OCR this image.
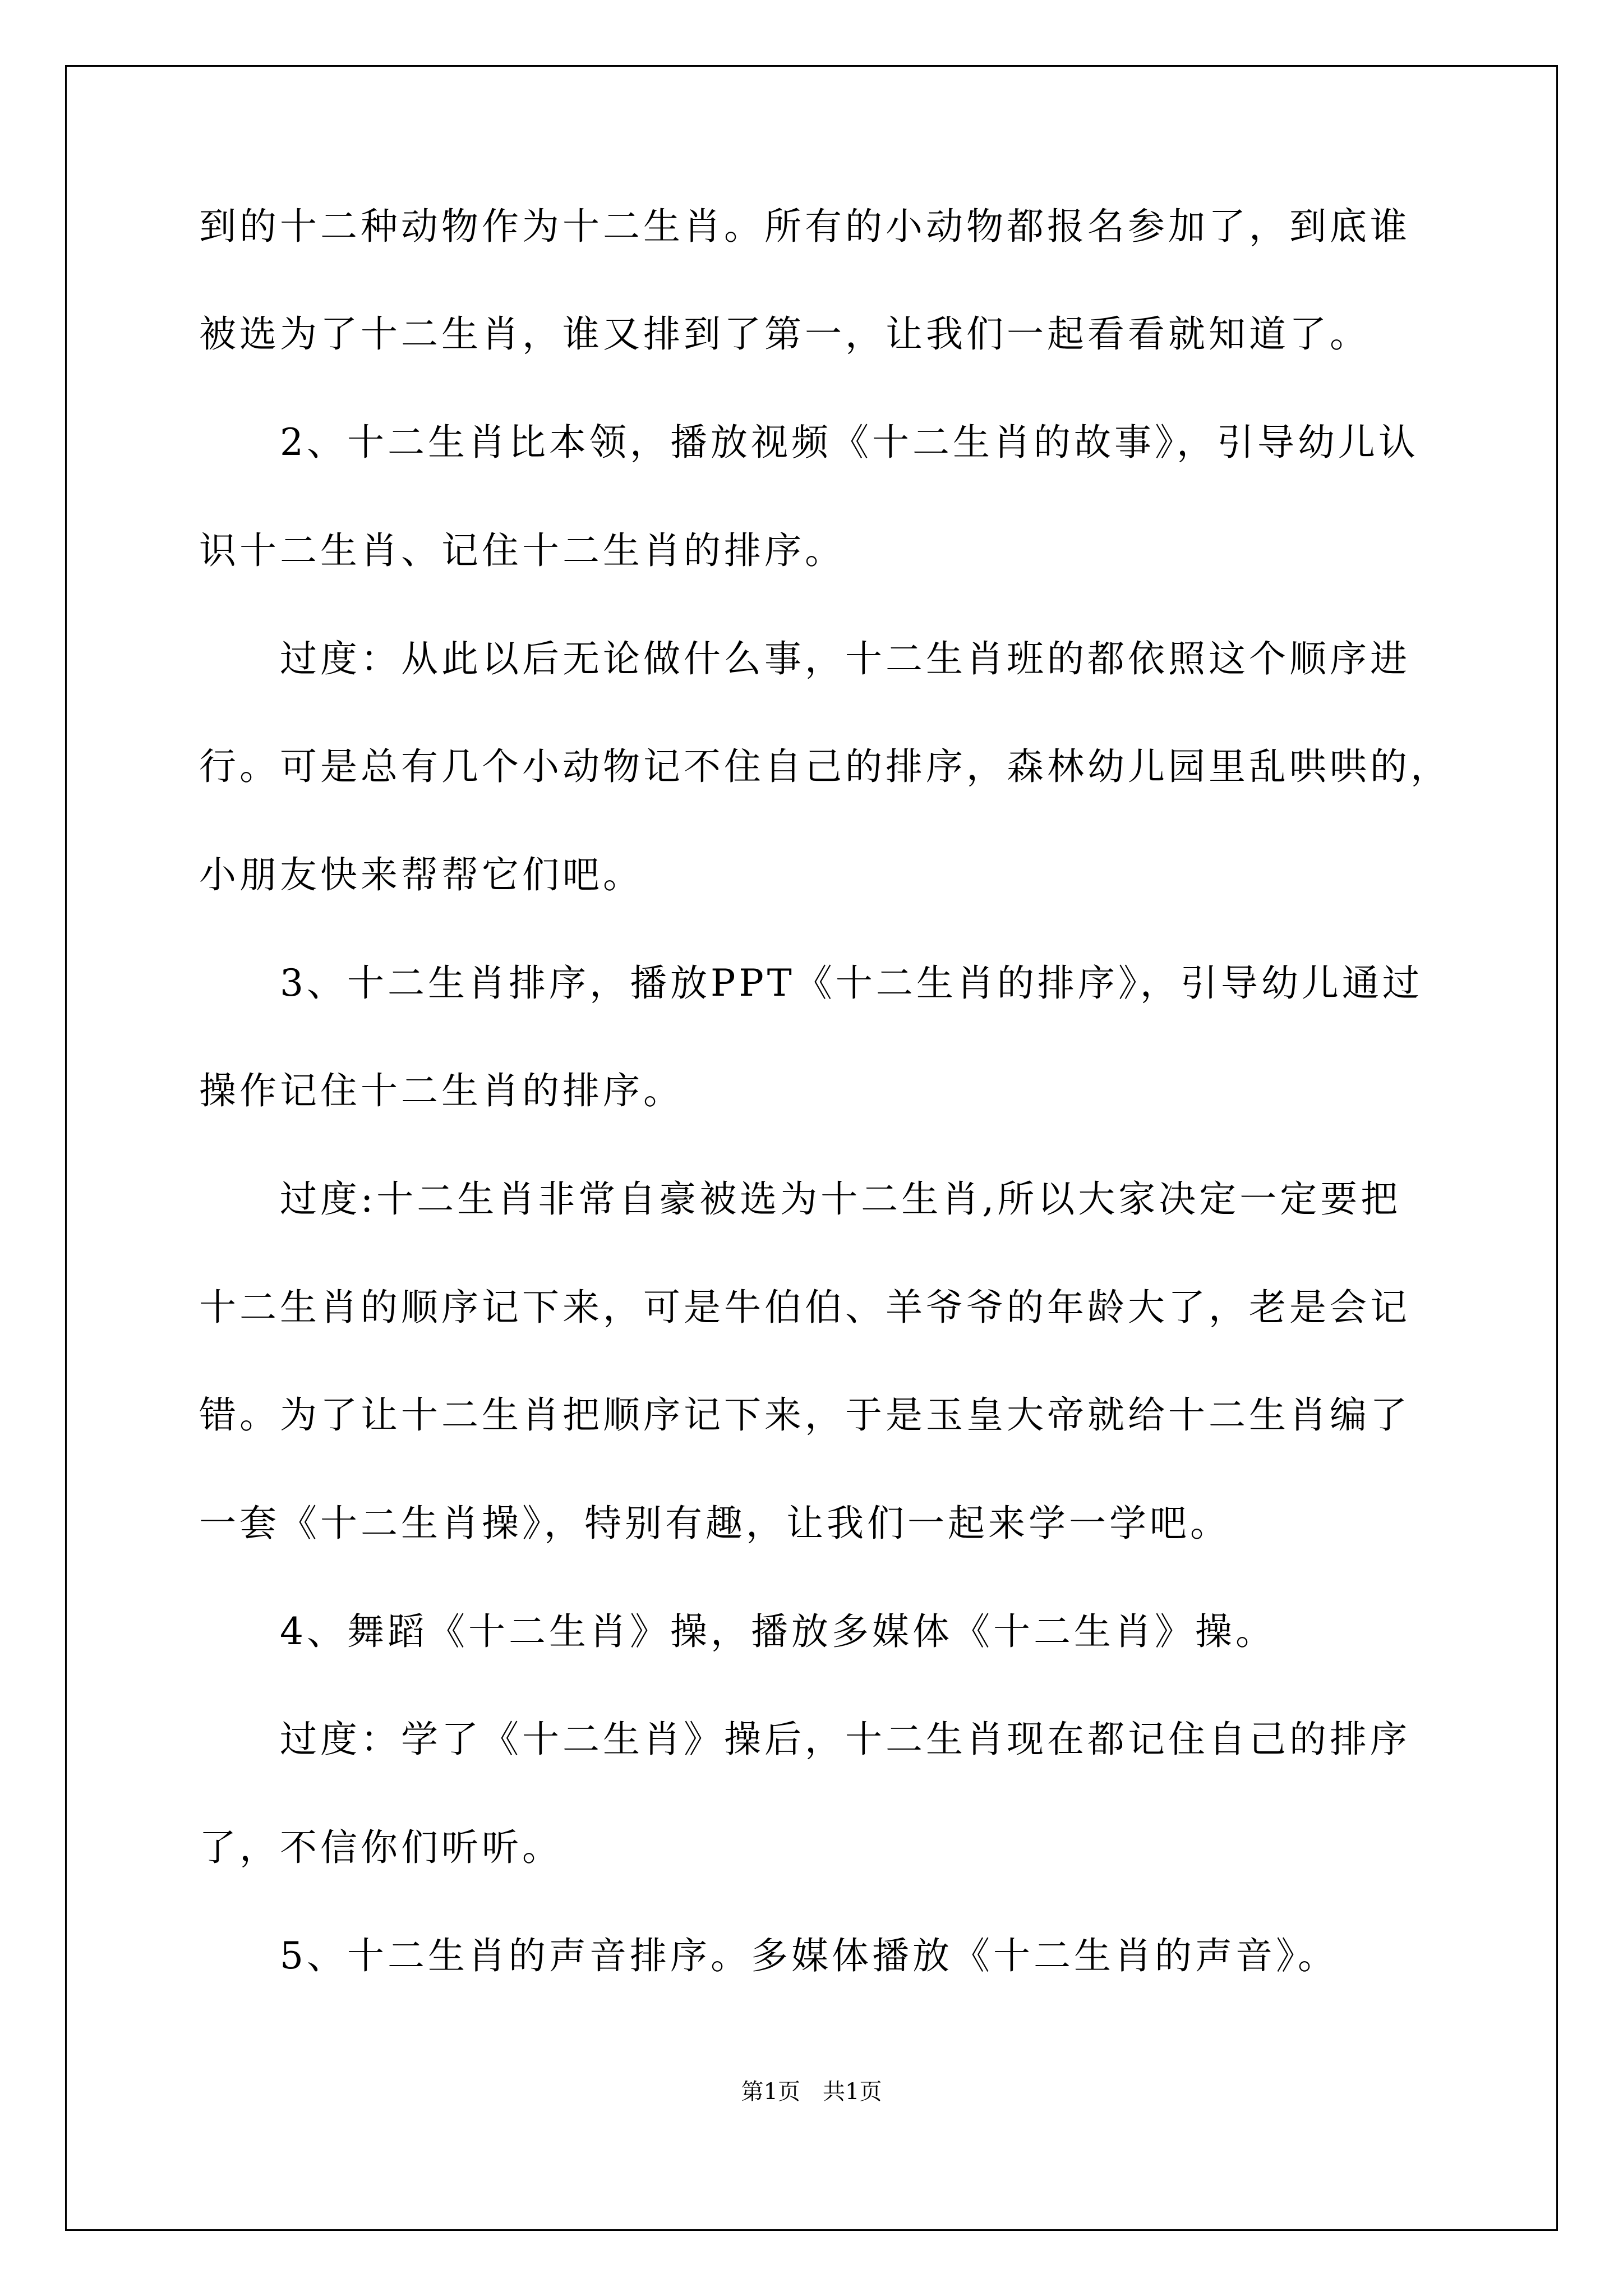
到的十二种动物作为十二生肖。所有的小动物都报名参加了，到底谁
被选为了十二生肖，谁又排到了第一，让我们一起看看就知道了。
　　2、十二生肖比本领，播放视频《十二生肖的故事》，引导幼儿认
识十二生肖、记住十二生肖的排序。
　　过度：从此以后无论做什么事，十二生肖班的都依照这个顺序进
行。可是总有几个小动物记不住自己的排序，森林幼儿园里乱哄哄的，
小朋友快来帮帮它们吧。
　　3、十二生肖排序，播放PPT《十二生肖的排序》，引导幼儿通过
操作记住十二生肖的排序。
　　过度:十二生肖非常自豪被选为十二生肖,所以大家决定一定要把
十二生肖的顺序记下来，可是牛伯伯、羊爷爷的年龄大了，老是会记
错。为了让十二生肖把顺序记下来，于是玉皇大帝就给十二生肖编了
一套《十二生肖操》，特别有趣，让我们一起来学一学吧。
　　4、舞蹈《十二生肖》操，播放多媒体《十二生肖》操。
　　过度：学了《十二生肖》操后，十二生肖现在都记住自己的排序
了，不信你们听听。
　　5、十二生肖的声音排序。多媒体播放《十二生肖的声音》。
第1页　共1页
